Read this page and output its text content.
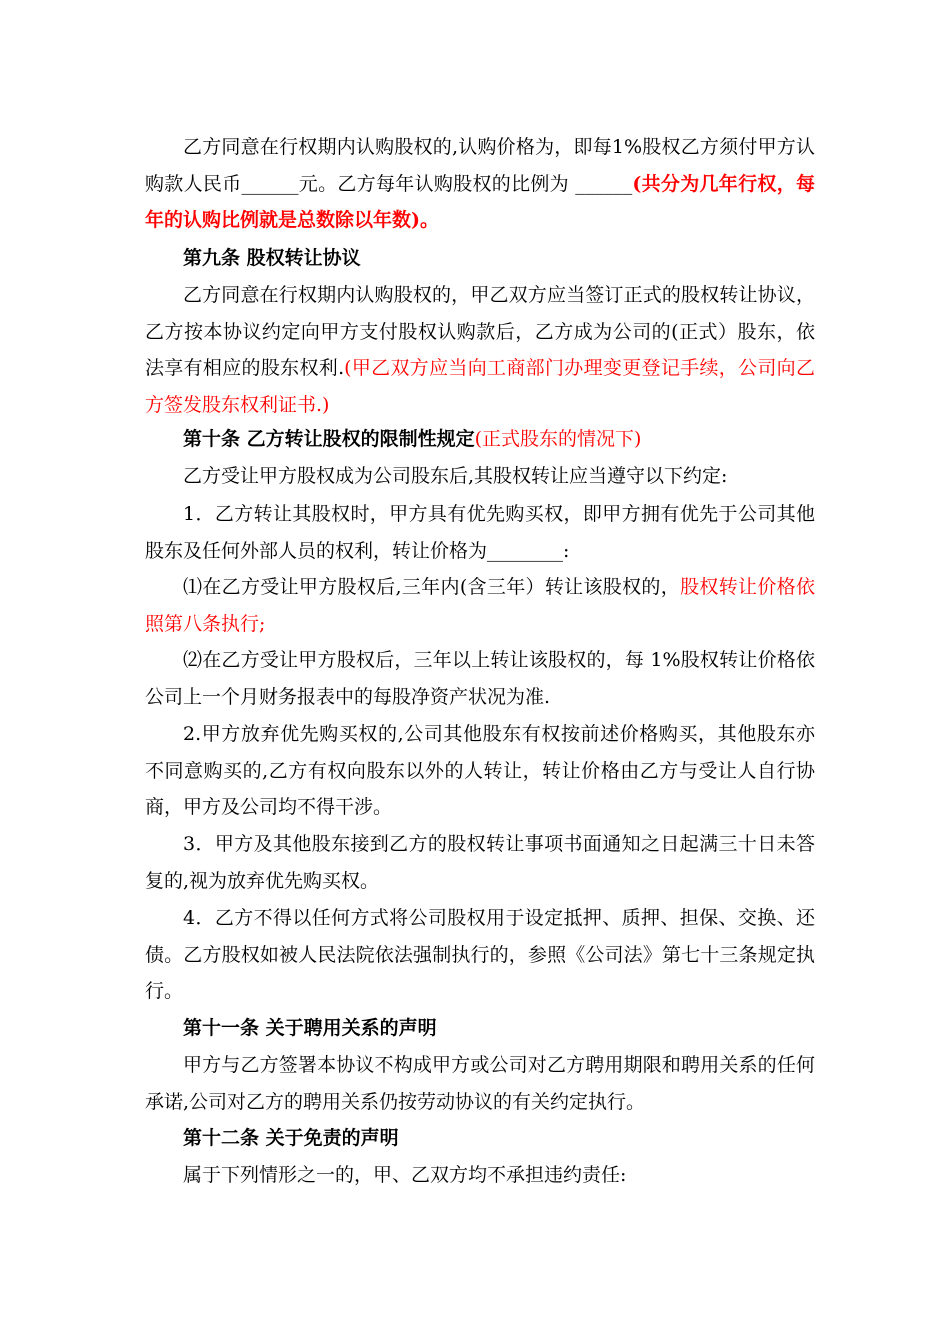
乙方同意在行权期内认购股权的,认购价格为，即每1%股权乙方须付甲方认购款人民币______元。乙方每年认购股权的比例为 ______(共分为几年行权，每年的认购比例就是总数除以年数)。

第九条 股权转让协议

乙方同意在行权期内认购股权的，甲乙双方应当签订正式的股权转让协议，乙方按本协议约定向甲方支付股权认购款后，乙方成为公司的(正式）股东，依法享有相应的股东权利.(甲乙双方应当向工商部门办理变更登记手续，公司向乙方签发股东权利证书.)

第十条 乙方转让股权的限制性规定(正式股东的情况下)

乙方受让甲方股权成为公司股东后,其股权转让应当遵守以下约定:

1．乙方转让其股权时，甲方具有优先购买权，即甲方拥有优先于公司其他股东及任何外部人员的权利，转让价格为________:

⑴在乙方受让甲方股权后,三年内(含三年）转让该股权的，股权转让价格依照第八条执行;

⑵在乙方受让甲方股权后，三年以上转让该股权的，每 1%股权转让价格依公司上一个月财务报表中的每股净资产状况为准.

2.甲方放弃优先购买权的,公司其他股东有权按前述价格购买，其他股东亦不同意购买的,乙方有权向股东以外的人转让，转让价格由乙方与受让人自行协商，甲方及公司均不得干涉。

3．甲方及其他股东接到乙方的股权转让事项书面通知之日起满三十日未答复的,视为放弃优先购买权。

4．乙方不得以任何方式将公司股权用于设定抵押、质押、担保、交换、还债。乙方股权如被人民法院依法强制执行的，参照《公司法》第七十三条规定执行。

第十一条 关于聘用关系的声明

甲方与乙方签署本协议不构成甲方或公司对乙方聘用期限和聘用关系的任何承诺,公司对乙方的聘用关系仍按劳动协议的有关约定执行。

第十二条 关于免责的声明

属于下列情形之一的，甲、乙双方均不承担违约责任:
